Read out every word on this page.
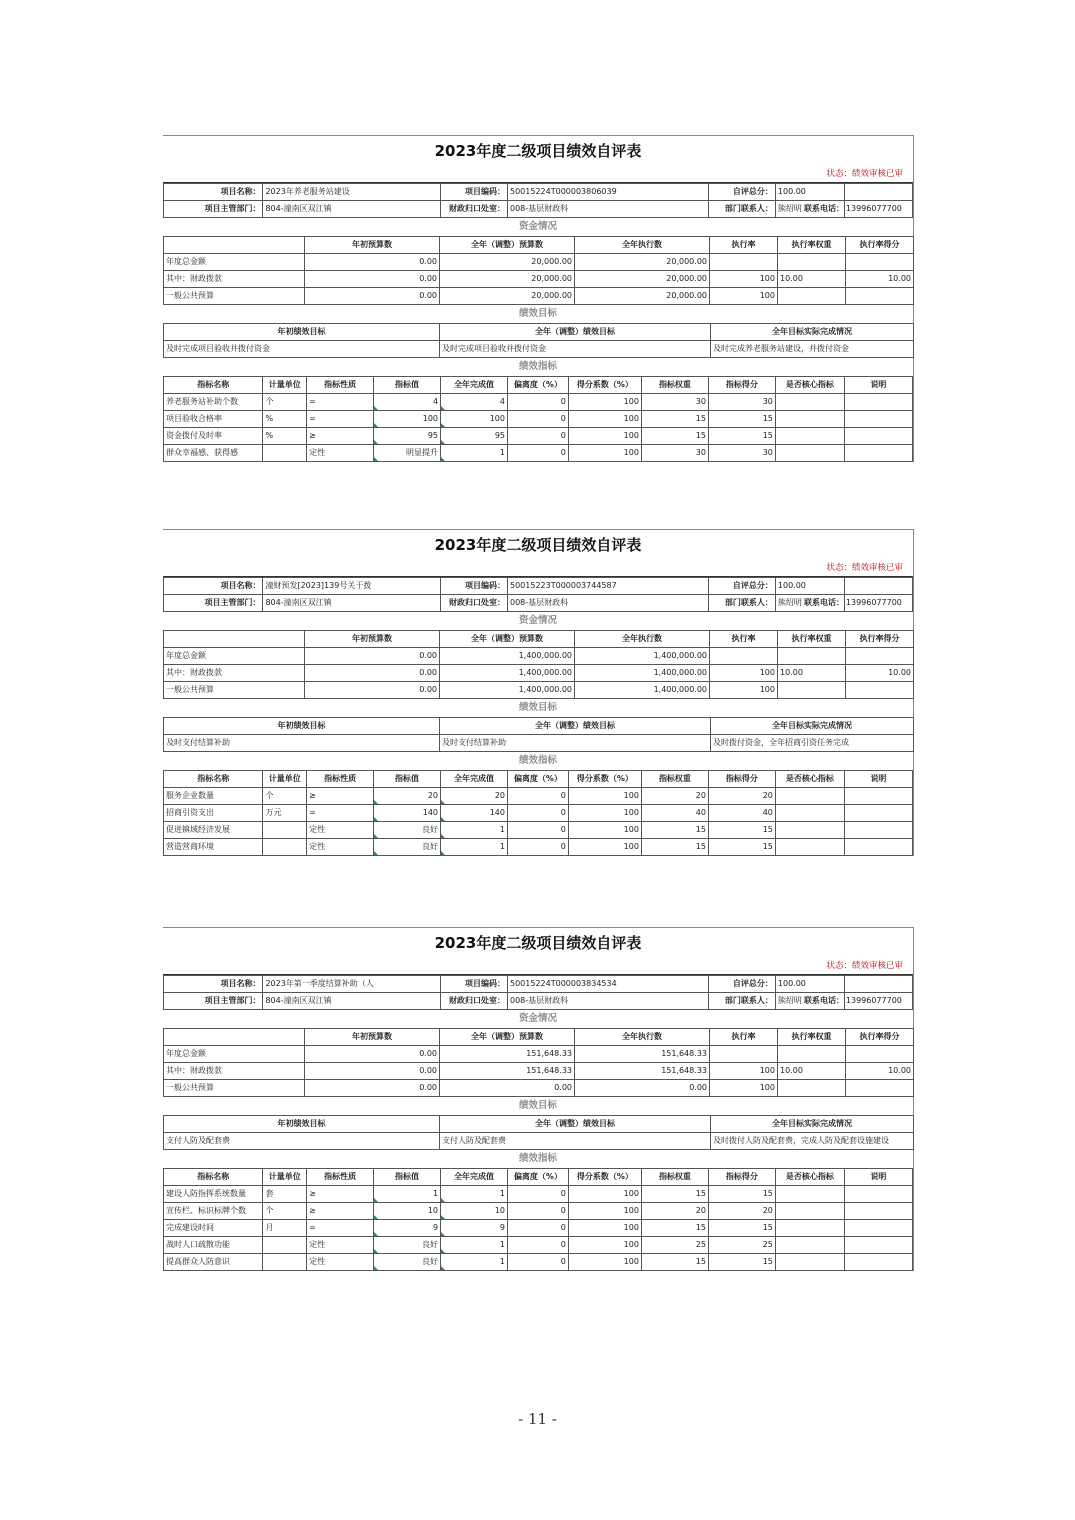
2023年度二级项目绩效自评表
状态：绩效审核已审
项目名称：	2023年养老服务站建设	项目编码：	50015224T000003806039	自评总分：	100.00	
项目主管部门：	804-潼南区双江镇	财政归口处室：	008-基层财政科	部门联系人：	熊绍明	联系电话： 13996077700
资金情况
	年初预算数	全年（调整）预算数	全年执行数	执行率	执行率权重	执行率得分
年度总金额	0.00	20,000.00	20,000.00			
其中：财政拨款	0.00	20,000.00	20,000.00	100	10.00	10.00
一般公共预算	0.00	20,000.00	20,000.00	100		
绩效目标
年初绩效目标	全年（调整）绩效目标	全年目标实际完成情况
及时完成项目验收并拨付资金	及时完成项目验收并拨付资金	及时完成养老服务站建设，并拨付资金
绩效指标
指标名称	计量单位	指标性质	指标值	全年完成值	偏离度（%）	得分系数（%）	指标权重	指标得分	是否核心指标	说明
养老服务站补助个数	个	=	4	4	0	100	30	30		
项目验收合格率	%	=	100	100	0	100	15	15		
资金拨付及时率	%	≥	95	95	0	100	15	15		
群众幸福感、获得感		定性	明显提升	1	0	100	30	30		
2023年度二级项目绩效自评表
状态：绩效审核已审
项目名称：	潼财预发[2023]139号关于拨	项目编码：	50015223T000003744587	自评总分：	100.00	
项目主管部门：	804-潼南区双江镇	财政归口处室：	008-基层财政科	部门联系人：	熊绍明	联系电话： 13996077700
资金情况
	年初预算数	全年（调整）预算数	全年执行数	执行率	执行率权重	执行率得分
年度总金额	0.00	1,400,000.00	1,400,000.00			
其中：财政拨款	0.00	1,400,000.00	1,400,000.00	100	10.00	10.00
一般公共预算	0.00	1,400,000.00	1,400,000.00	100		
绩效目标
年初绩效目标	全年（调整）绩效目标	全年目标实际完成情况
及时支付结算补助	及时支付结算补助	及时拨付资金，全年招商引资任务完成
绩效指标
指标名称	计量单位	指标性质	指标值	全年完成值	偏离度（%）	得分系数（%）	指标权重	指标得分	是否核心指标	说明
服务企业数量	个	≥	20	20	0	100	20	20		
招商引资支出	万元	=	140	140	0	100	40	40		
促进镇域经济发展		定性	良好	1	0	100	15	15		
营造营商环境		定性	良好	1	0	100	15	15		
2023年度二级项目绩效自评表
状态：绩效审核已审
项目名称：	2023年第一季度结算补助（人	项目编码：	50015224T000003834534	自评总分：	100.00	
项目主管部门：	804-潼南区双江镇	财政归口处室：	008-基层财政科	部门联系人：	熊绍明	联系电话： 13996077700
资金情况
	年初预算数	全年（调整）预算数	全年执行数	执行率	执行率权重	执行率得分
年度总金额	0.00	151,648.33	151,648.33			
其中：财政拨款	0.00	151,648.33	151,648.33	100	10.00	10.00
一般公共预算	0.00	0.00	0.00	100		
绩效目标
年初绩效目标	全年（调整）绩效目标	全年目标实际完成情况
支付人防及配套费	支付人防及配套费	及时拨付人防及配套费，完成人防及配套设施建设
绩效指标
指标名称	计量单位	指标性质	指标值	全年完成值	偏离度（%）	得分系数（%）	指标权重	指标得分	是否核心指标	说明
建设人防指挥系统数量	套	≥	1	1	0	100	15	15		
宣传栏、标识标牌个数	个	≥	10	10	0	100	20	20		
完成建设时间	月	=	9	9	0	100	15	15		
战时人口疏散功能		定性	良好	1	0	100	25	25		
提高群众人防意识		定性	良好	1	0	100	15	15		
- 11 -
